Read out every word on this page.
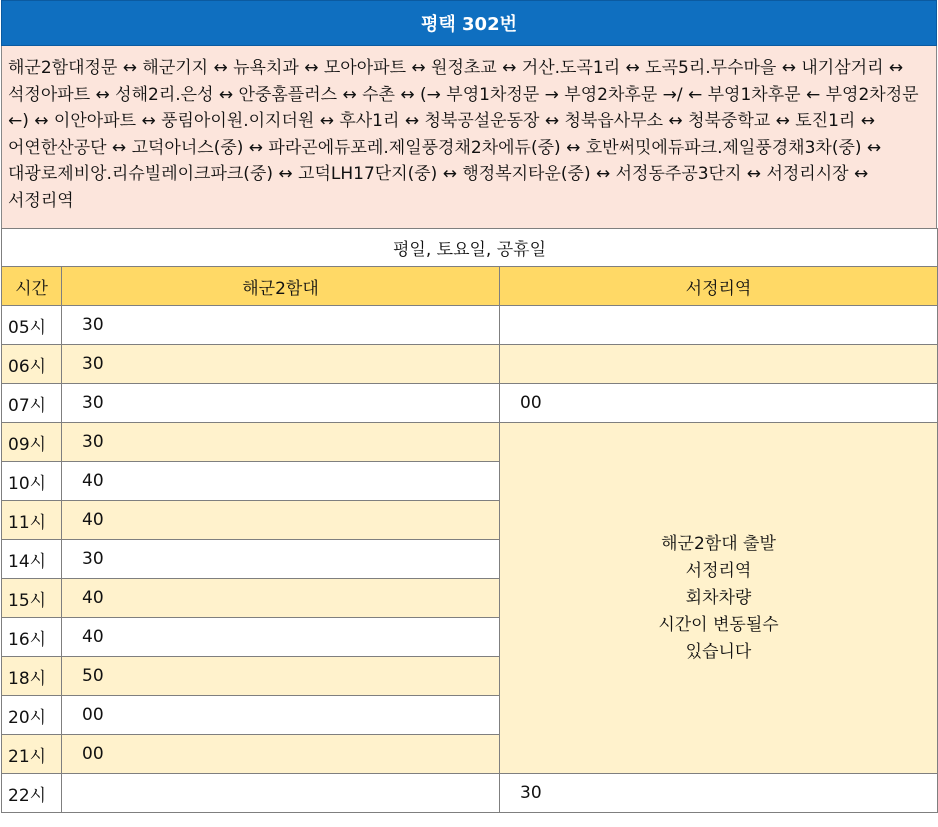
평택 302번
해군2함대정문 ↔ 해군기지 ↔ 뉴욕치과 ↔ 모아아파트 ↔ 원정초교 ↔ 거산.도곡1리 ↔ 도곡5리.무수마을 ↔ 내기삼거리 ↔ 석정아파트 ↔ 성해2리.은성 ↔ 안중홈플러스 ↔ 수촌 ↔ (→ 부영1차정문 → 부영2차후문 →/ ← 부영1차후문 ← 부영2차정문 ←) ↔ 이안아파트 ↔ 풍림아이원.이지더원 ↔ 후사1리 ↔ 청북공설운동장 ↔ 청북읍사무소 ↔ 청북중학교 ↔ 토진1리 ↔ 어연한산공단 ↔ 고덕아너스(중) ↔ 파라곤에듀포레.제일풍경채2차에듀(중) ↔ 호반써밋에듀파크.제일풍경채3차(중) ↔ 대광로제비앙.리슈빌레이크파크(중) ↔ 고덕LH17단지(중) ↔ 행정복지타운(중) ↔ 서정동주공3단지 ↔ 서정리시장 ↔ 서정리역
평일, 토요일, 공휴일		
시간	해군2함대	서정리역
05시	30	
06시	30	
07시	30	00
09시	30	해군2함대 출발
서정리역
회차차량
시간이 변동될수
있습니다

10시	40	
11시	40	
14시	30	
15시	40	
16시	40	
18시	50	
20시	00	
21시	00	
22시		30
